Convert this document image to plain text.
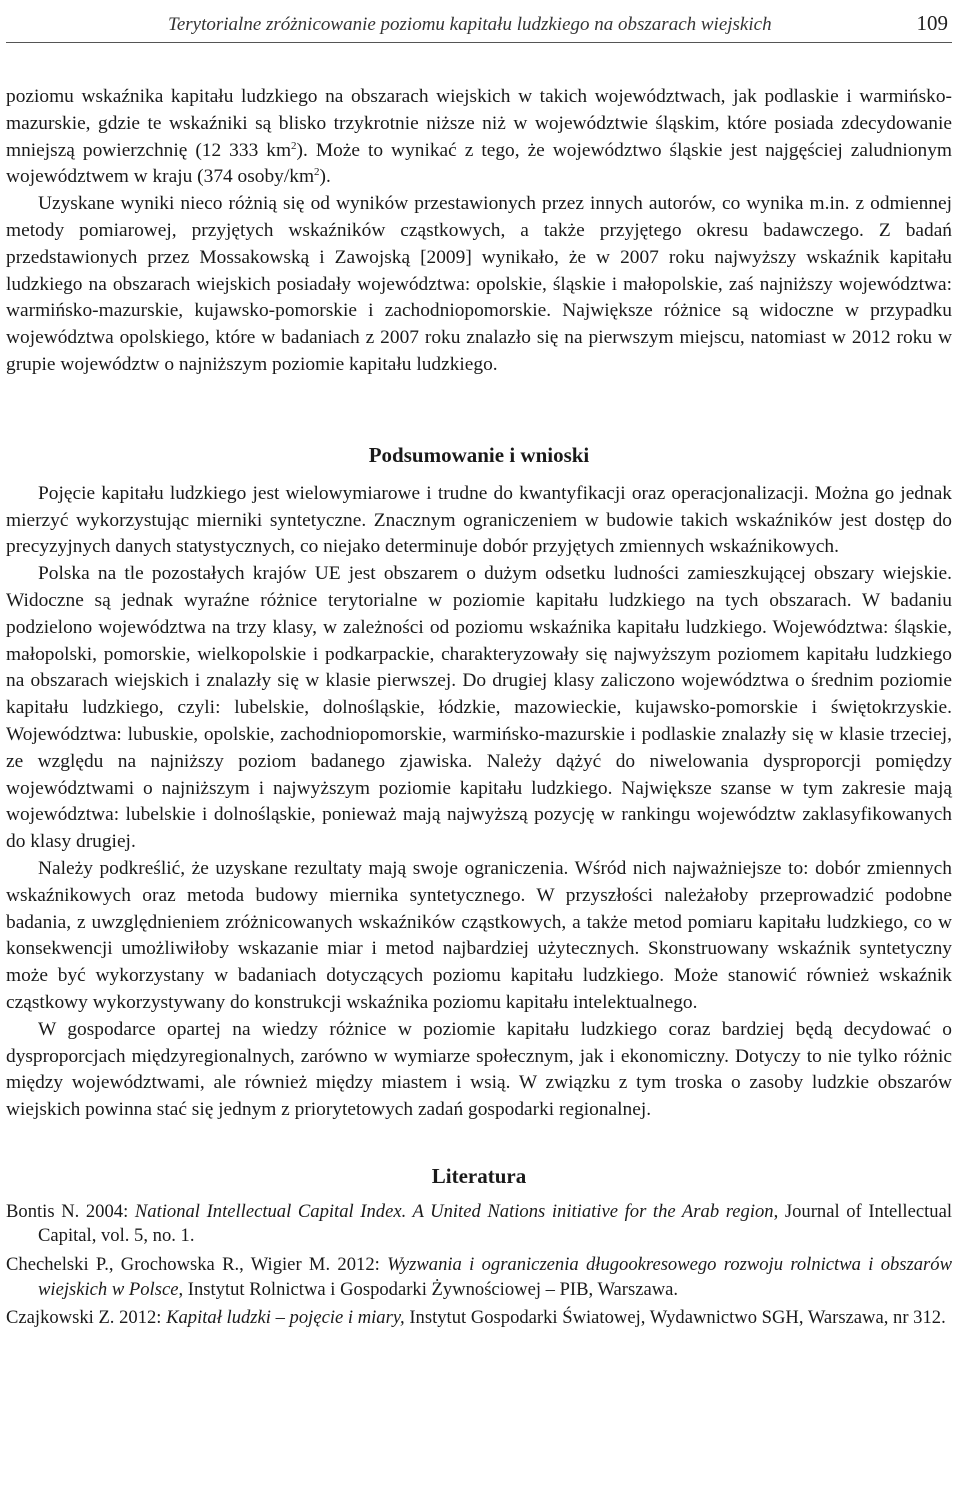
Terytorialne zróżnicowanie poziomu kapitału ludzkiego na obszarach wiejskich	109

poziomu wskaźnika kapitału ludzkiego na obszarach wiejskich w takich województwach, jak podlaskie i warmińsko-mazurskie, gdzie te wskaźniki są blisko trzykrotnie niższe niż w województwie śląskim, które posiada zdecydowanie mniejszą powierzchnię (12 333 $km^2$). Może to wynikać z tego, że województwo śląskie jest najgęściej zaludnionym województwem w kraju (374 osoby/$km^2$).

Uzyskane wyniki nieco różnią się od wyników przestawionych przez innych autorów, co wynika m.in. z odmiennej metody pomiarowej, przyjętych wskaźników cząstkowych, a także przyjętego okresu badawczego. Z badań przedstawionych przez Mossakowską i Zawojską [2009] wynikało, że w 2007 roku najwyższy wskaźnik kapitału ludzkiego na obszarach wiejskich posiadały województwa: opolskie, śląskie i małopolskie, zaś najniższy województwa: warmińsko-mazurskie, kujawsko-pomorskie i zachodniopomorskie. Największe różnice są widoczne w przypadku województwa opolskiego, które w badaniach z 2007 roku znalazło się na pierwszym miejscu, natomiast w 2012 roku w grupie województw o najniższym poziomie kapitału ludzkiego.

Podsumowanie i wnioski

Pojęcie kapitału ludzkiego jest wielowymiarowe i trudne do kwantyfikacji oraz operacjonalizacji. Można go jednak mierzyć wykorzystując mierniki syntetyczne. Znacznym ograniczeniem w budowie takich wskaźników jest dostęp do precyzyjnych danych statystycznych, co niejako determinuje dobór przyjętych zmiennych wskaźnikowych.

Polska na tle pozostałych krajów UE jest obszarem o dużym odsetku ludności zamieszkującej obszary wiejskie. Widoczne są jednak wyraźne różnice terytorialne w poziomie kapitału ludzkiego na tych obszarach. W badaniu podzielono województwa na trzy klasy, w zależności od poziomu wskaźnika kapitału ludzkiego. Województwa: śląskie, małopolski, pomorskie, wielkopolskie i podkarpackie, charakteryzowały się najwyższym poziomem kapitału ludzkiego na obszarach wiejskich i znalazły się w klasie pierwszej. Do drugiej klasy zaliczono województwa o średnim poziomie kapitału ludzkiego, czyli: lubelskie, dolnośląskie, łódzkie, mazowieckie, kujawsko-pomorskie i świętokrzyskie. Województwa: lubuskie, opolskie, zachodniopomorskie, warmińsko-mazurskie i podlaskie znalazły się w klasie trzeciej, ze względu na najniższy poziom badanego zjawiska. Należy dążyć do niwelowania dysproporcji pomiędzy województwami o najniższym i najwyższym poziomie kapitału ludzkiego. Największe szanse w tym zakresie mają województwa: lubelskie i dolnośląskie, ponieważ mają najwyższą pozycję w rankingu województw zaklasyfikowanych do klasy drugiej.

Należy podkreślić, że uzyskane rezultaty mają swoje ograniczenia. Wśród nich najważniejsze to: dobór zmiennych wskaźnikowych oraz metoda budowy miernika syntetycznego. W przyszłości należałoby przeprowadzić podobne badania, z uwzględnieniem zróżnicowanych wskaźników cząstkowych, a także metod pomiaru kapitału ludzkiego, co w konsekwencji umożliwiłoby wskazanie miar i metod najbardziej użytecznych. Skonstruowany wskaźnik syntetyczny może być wykorzystany w badaniach dotyczących poziomu kapitału ludzkiego. Może stanowić również wskaźnik cząstkowy wykorzystywany do konstrukcji wskaźnika poziomu kapitału intelektualnego.

W gospodarce opartej na wiedzy różnice w poziomie kapitału ludzkiego coraz bardziej będą decydować o dysproporcjach międzyregionalnych, zarówno w wymiarze społecznym, jak i ekonomiczny. Dotyczy to nie tylko różnic między województwami, ale również między miastem i wsią. W związku z tym troska o zasoby ludzkie obszarów wiejskich powinna stać się jednym z priorytetowych zadań gospodarki regionalnej.

Literatura
Bontis N. 2004: National Intellectual Capital Index. A United Nations initiative for the Arab region, Journal of Intellectual Capital, vol. 5, no. 1.
Chechelski P., Grochowska R., Wigier M. 2012: Wyzwania i ograniczenia długookresowego rozwoju rolnictwa i obszarów wiejskich w Polsce, Instytut Rolnictwa i Gospodarki Żywnościowej – PIB, Warszawa.
Czajkowski Z. 2012: Kapitał ludzki – pojęcie i miary, Instytut Gospodarki Światowej, Wydawnictwo SGH, Warszawa, nr 312.
